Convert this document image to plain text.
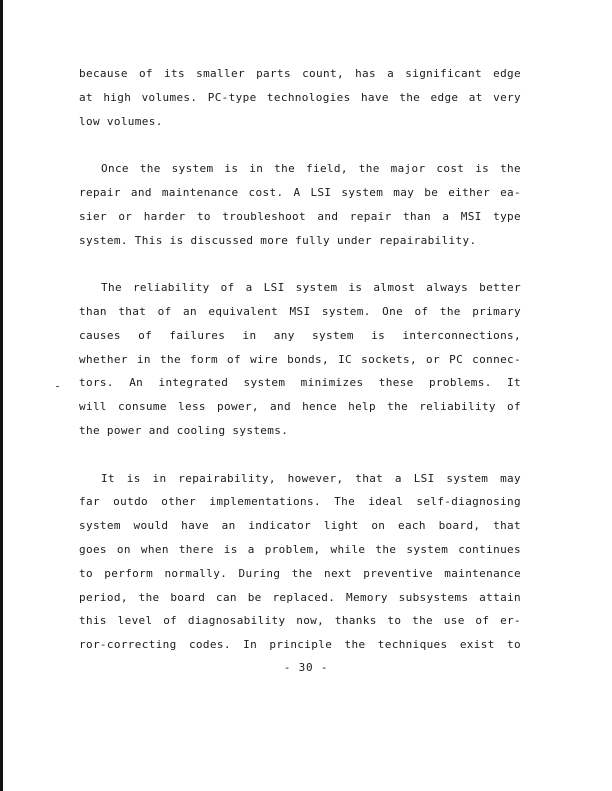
because of its smaller parts count, has a significant edge
at high volumes. PC-type technologies have the edge at very
low volumes.

Once the system is in the field, the major cost is the
repair and maintenance cost. A LSI system may be either ea-
sier or harder to troubleshoot and repair than a MSI type
system. This is discussed more fully under repairability.

The reliability of a LSI system is almost always better
than that of an equivalent MSI system. One of the primary
causes of failures in any system is interconnections,
whether in the form of wire bonds, IC sockets, or PC connec-
tors. An integrated system minimizes these problems. It
will consume less power, and hence help the reliability of
the power and cooling systems.

It is in repairability, however, that a LSI system may
far outdo other implementations. The ideal self-diagnosing
system would have an indicator light on each board, that
goes on when there is a problem, while the system continues
to perform normally. During the next preventive maintenance
period, the board can be replaced. Memory subsystems attain
this level of diagnosability now, thanks to the use of er-
ror-correcting codes. In principle the techniques exist to

- 30 -
